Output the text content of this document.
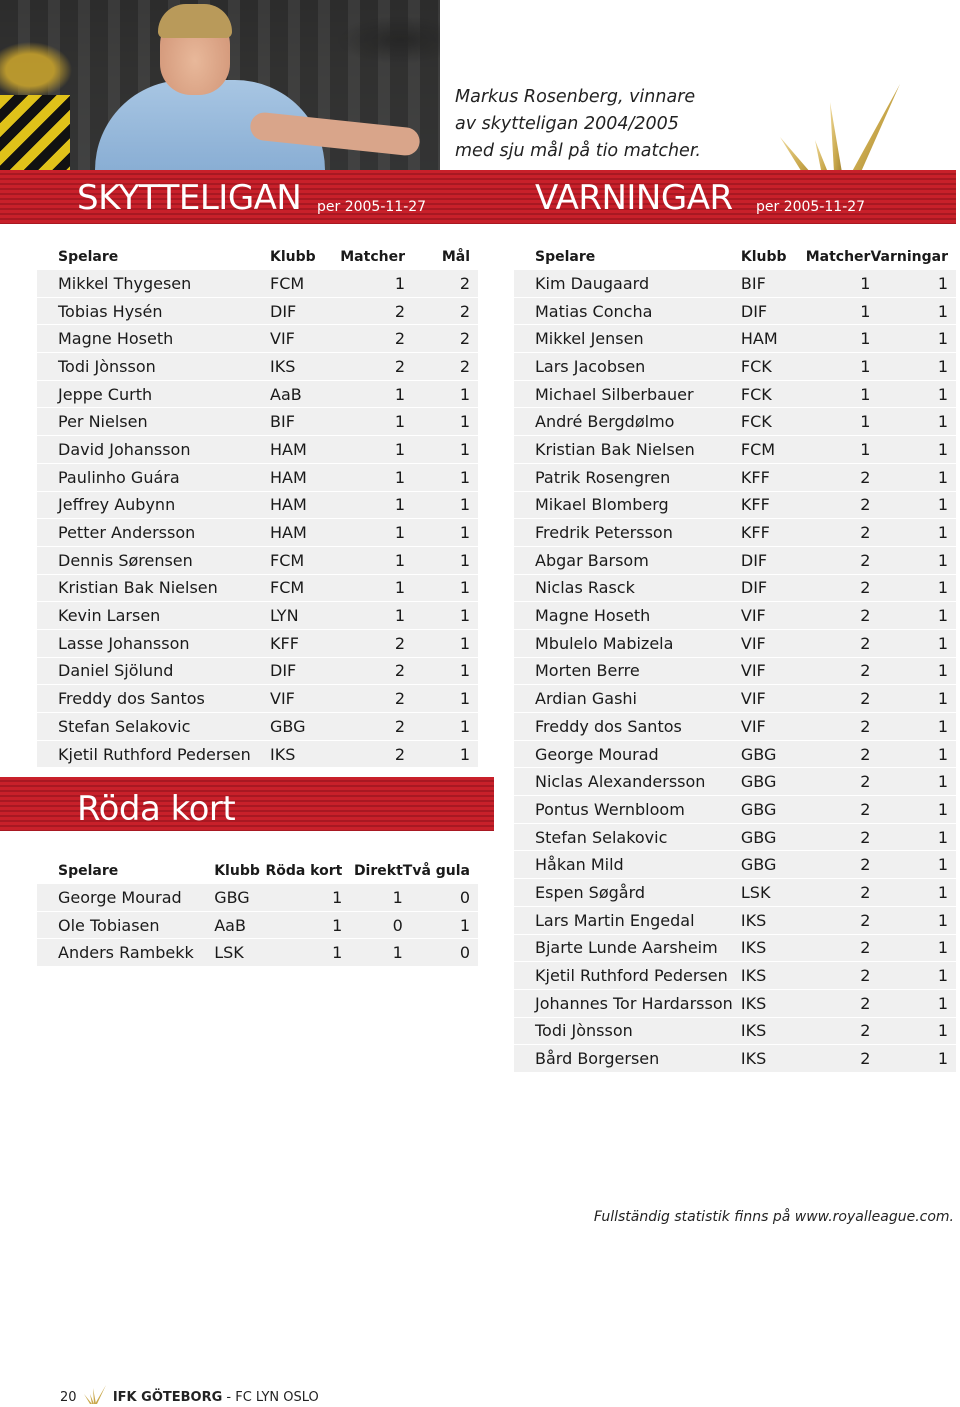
Markus Rosenberg, vinnare
av skytteligan 2004/2005
med sju mål på tio matcher.
SKYTTELIGAN per 2005-11-27	VARNINGAR per 2005-11-27
Spelare	Klubb	Matcher	Mål
Mikkel Thygesen	FCM	1	2
Tobias Hysén	DIF	2	2
Magne Hoseth	VIF	2	2
Todi Jònsson	IKS	2	2
Jeppe Curth	AaB	1	1
Per Nielsen	BIF	1	1
David Johansson	HAM	1	1
Paulinho Guára	HAM	1	1
Jeffrey Aubynn	HAM	1	1
Petter Andersson	HAM	1	1
Dennis Sørensen	FCM	1	1
Kristian Bak Nielsen	FCM	1	1
Kevin Larsen	LYN	1	1
Lasse Johansson	KFF	2	1
Daniel Sjölund	DIF	2	1
Freddy dos Santos	VIF	2	1
Stefan Selakovic	GBG	2	1
Kjetil Ruthford Pedersen	IKS	2	1
Spelare	Klubb	Matcher	Varningar
Kim Daugaard	BIF	1	1
Matias Concha	DIF	1	1
Mikkel Jensen	HAM	1	1
Lars Jacobsen	FCK	1	1
Michael Silberbauer	FCK	1	1
André Bergdølmo	FCK	1	1
Kristian Bak Nielsen	FCM	1	1
Patrik Rosengren	KFF	2	1
Mikael Blomberg	KFF	2	1
Fredrik Petersson	KFF	2	1
Abgar Barsom	DIF	2	1
Niclas Rasck	DIF	2	1
Magne Hoseth	VIF	2	1
Mbulelo Mabizela	VIF	2	1
Morten Berre	VIF	2	1
Ardian Gashi	VIF	2	1
Freddy dos Santos	VIF	2	1
George Mourad	GBG	2	1
Niclas Alexandersson	GBG	2	1
Pontus Wernbloom	GBG	2	1
Stefan Selakovic	GBG	2	1
Håkan Mild	GBG	2	1
Espen Søgård	LSK	2	1
Lars Martin Engedal	IKS	2	1
Bjarte Lunde Aarsheim	IKS	2	1
Kjetil Ruthford Pedersen	IKS	2	1
Johannes Tor Hardarsson	IKS	2	1
Todi Jònsson	IKS	2	1
Bård Borgersen	IKS	2	1
Röda kort
Spelare	Klubb	Röda kort	Direkt	Två gula
George Mourad	GBG	1	1	0
Ole Tobiasen	AaB	1	0	1
Anders Rambekk	LSK	1	1	0
Fullständig statistik finns på www.royalleague.com.
20	IFK GÖTEBORG - FC LYN OSLO
